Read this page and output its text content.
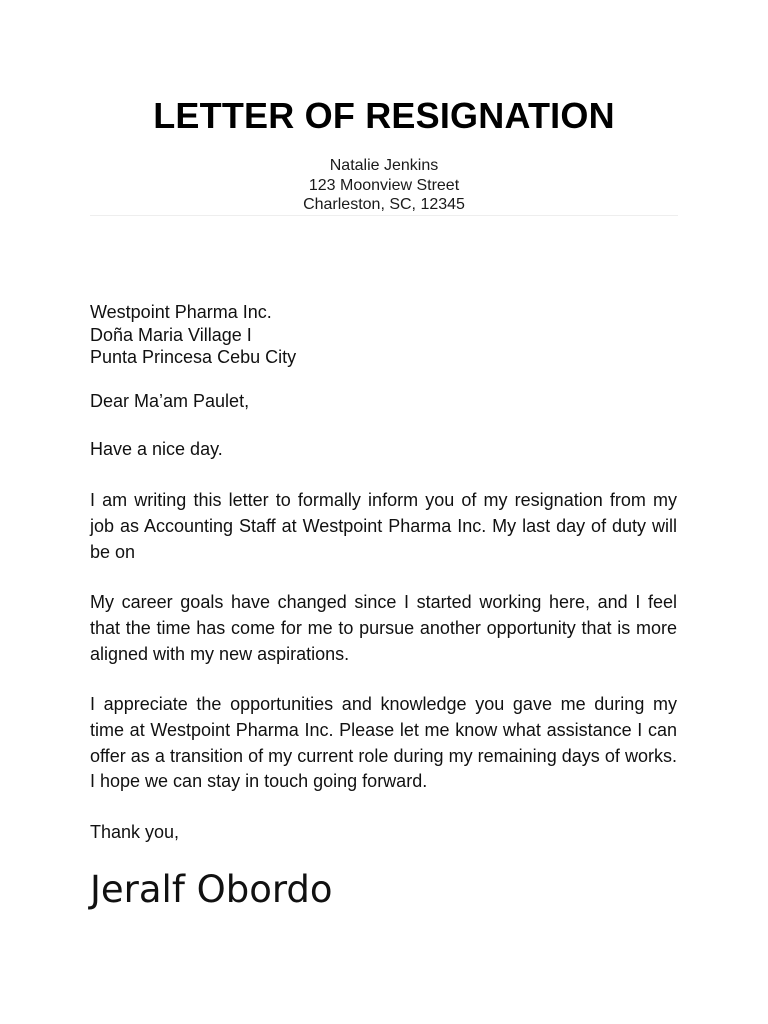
LETTER OF RESIGNATION
Natalie Jenkins
123 Moonview Street
Charleston, SC, 12345
Westpoint Pharma Inc.
Doña Maria Village I
Punta Princesa Cebu City
Dear Ma’am Paulet,
Have a nice day.
I am writing this letter to formally inform you of my resignation from my job as Accounting Staff at Westpoint Pharma Inc. My last day of duty will be on
My career goals have changed since I started working here, and I feel that the time has come for me to pursue another opportunity that is more aligned with my new aspirations.
I appreciate the opportunities and knowledge you gave me during my time at Westpoint Pharma Inc. Please let me know what assistance I can offer as a transition of my current role during my remaining days of works. I hope we can stay in touch going forward.
Thank you,
Jeralf Obordo
